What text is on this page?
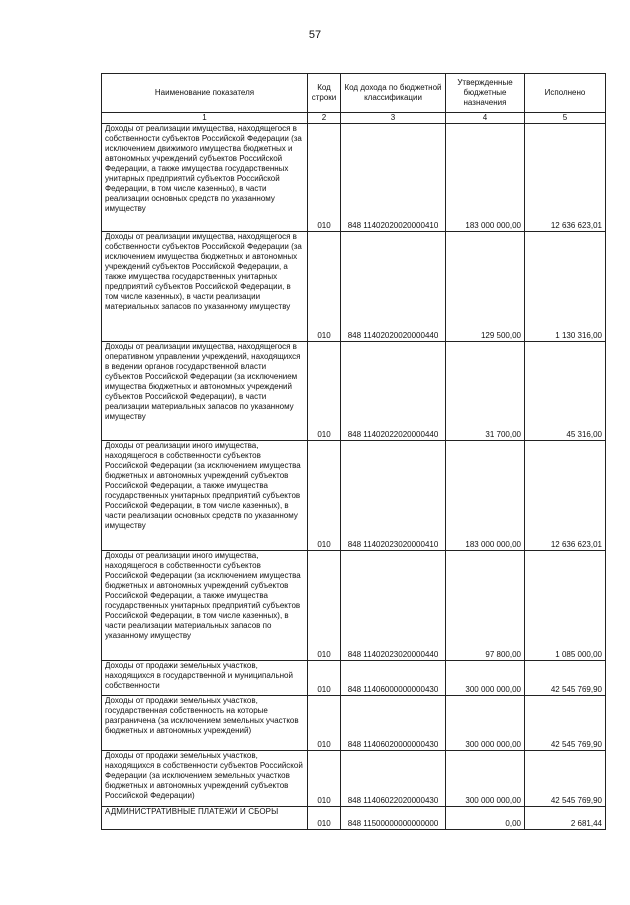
57
Наименование показателя	Код строки	Код дохода по бюджетной классификации	Утвержденные бюджетные назначения	Исполнено
1	2	3	4	5
Доходы от реализации имущества, находящегося в собственности субъектов Российской Федерации (за исключением движимого имущества бюджетных и автономных учреждений субъектов Российской Федерации, а также имущества государственных унитарных предприятий субъектов Российской Федерации, в том числе казенных), в части реализации основных средств по указанному имуществу	010	848 11402020020000410	183 000 000,00	12 636 623,01
Доходы от реализации имущества, находящегося в собственности субъектов Российской Федерации (за исключением имущества бюджетных и автономных учреждений субъектов Российской Федерации, а также имущества государственных унитарных предприятий субъектов Российской Федерации, в том числе казенных), в части реализации материальных запасов по указанному имуществу	010	848 11402020020000440	129 500,00	1 130 316,00
Доходы от реализации имущества, находящегося в оперативном управлении учреждений, находящихся в ведении органов государственной власти субъектов Российской Федерации (за исключением имущества бюджетных и автономных учреждений субъектов Российской Федерации), в части реализации материальных запасов по указанному имуществу	010	848 11402022020000440	31 700,00	45 316,00
Доходы от реализации иного имущества, находящегося в собственности субъектов Российской Федерации (за исключением имущества бюджетных и автономных учреждений субъектов Российской Федерации, а также имущества государственных унитарных предприятий субъектов Российской Федерации, в том числе казенных), в части реализации основных средств по указанному имуществу	010	848 11402023020000410	183 000 000,00	12 636 623,01
Доходы от реализации иного имущества, находящегося в собственности субъектов Российской Федерации (за исключением имущества бюджетных и автономных учреждений субъектов Российской Федерации, а также имущества государственных унитарных предприятий субъектов Российской Федерации, в том числе казенных), в части реализации материальных запасов по указанному имуществу	010	848 11402023020000440	97 800,00	1 085 000,00
Доходы от продажи земельных участков, находящихся в государственной и муниципальной собственности	010	848 11406000000000430	300 000 000,00	42 545 769,90
Доходы от продажи земельных участков, государственная собственность на которые разграничена (за исключением земельных участков бюджетных и автономных учреждений)	010	848 11406020000000430	300 000 000,00	42 545 769,90
Доходы от продажи земельных участков, находящихся в собственности субъектов Российской Федерации (за исключением земельных участков бюджетных и автономных учреждений субъектов Российской Федерации)	010	848 11406022020000430	300 000 000,00	42 545 769,90
АДМИНИСТРАТИВНЫЕ ПЛАТЕЖИ И СБОРЫ	010	848 11500000000000000	0,00	2 681,44
